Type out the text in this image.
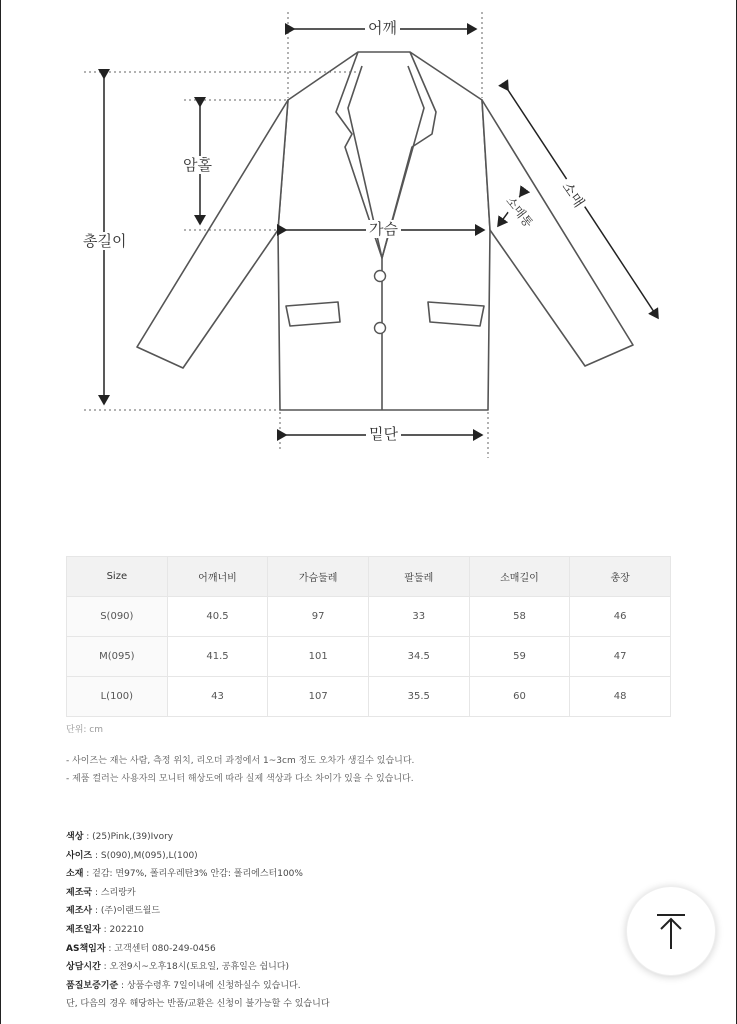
어깨
암홀
총길이
가슴
밑단
소매
소매통
Size	어깨너비	가슴둘레	팔둘레	소매길이	총장
S(090)	40.5	97	33	58	46
M(095)	41.5	101	34.5	59	47
L(100)	43	107	35.5	60	48
단위: cm
- 사이즈는 재는 사람, 측정 위치, 리오더 과정에서 1~3cm 정도 오차가 생길수 있습니다.
- 제품 컬러는 사용자의 모니터 해상도에 따라 실제 색상과 다소 차이가 있을 수 있습니다.
색상 : (25)Pink,(39)Ivory
사이즈 : S(090),M(095),L(100)
소재 : 겉감: 면97%, 폴리우레탄3% 안감: 폴리에스터100%
제조국 : 스리랑카
제조사 : (주)이랜드월드
제조일자 : 202210
AS책임자 : 고객센터 080-249-0456
상담시간 : 오전9시~오후18시(토요일, 공휴일은 쉽니다)
품질보증기준 : 상품수령후 7일이내에 신청하실수 있습니다.
단, 다음의 경우 해당하는 반품/교환은 신청이 불가능할 수 있습니다
